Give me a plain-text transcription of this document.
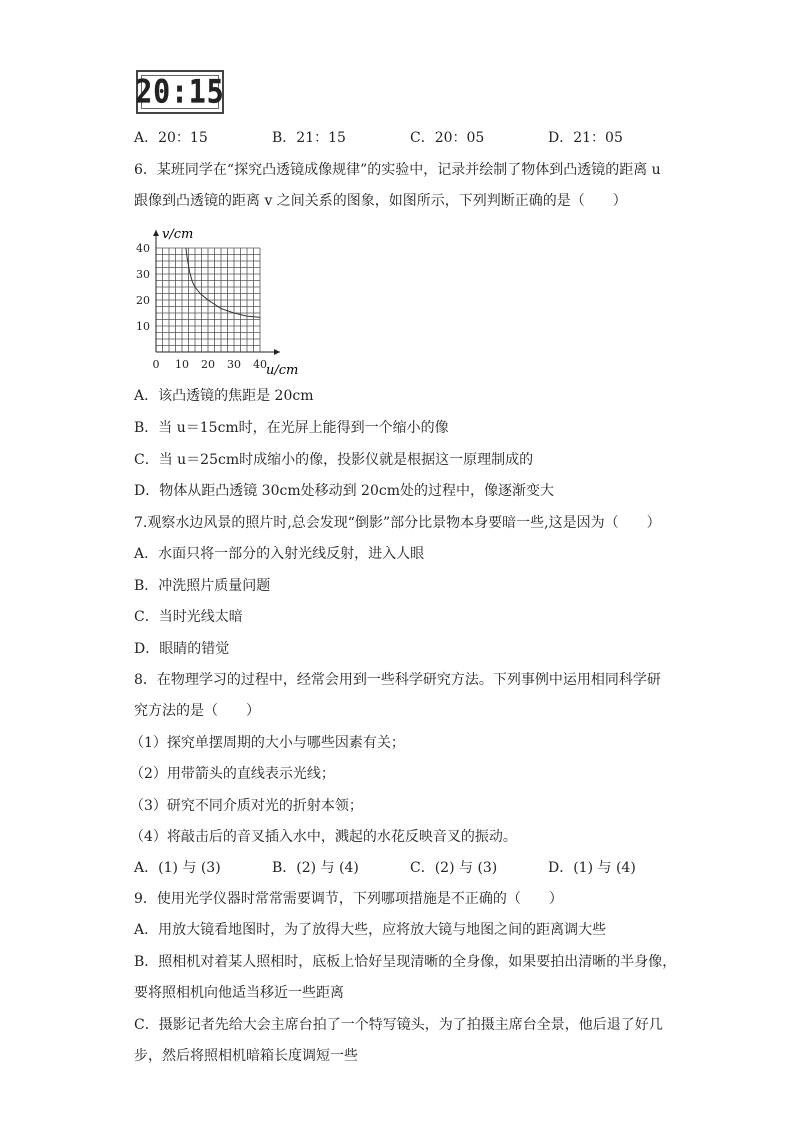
20:15
A．20：15	B．21：15	C．20：05	D．21：05
6．某班同学在“探究凸透镜成像规律”的实验中，记录并绘制了物体到凸透镜的距离 u
跟像到凸透镜的距离 v 之间关系的图象，如图所示，下列判断正确的是（　　）
0 10 20 30 40
10
20
30
40
v/cm
u/cm
A．该凸透镜的焦距是 20cm
B．当 u＝15cm时，在光屏上能得到一个缩小的像
C．当 u＝25cm时成缩小的像，投影仪就是根据这一原理制成的
D．物体从距凸透镜 30cm处移动到 20cm处的过程中，像逐渐变大
7.观察水边风景的照片时,总会发现“倒影”部分比景物本身要暗一些,这是因为（　　）
A．水面只将一部分的入射光线反射，进入人眼
B．冲洗照片质量问题
C．当时光线太暗
D．眼睛的错觉
8．在物理学习的过程中，经常会用到一些科学研究方法。下列事例中运用相同科学研
究方法的是（　　）
（1）探究单摆周期的大小与哪些因素有关；
（2）用带箭头的直线表示光线；
（3）研究不同介质对光的折射本领；
（4）将敲击后的音叉插入水中，溅起的水花反映音叉的振动。
A．(1) 与 (3)	B．(2) 与 (4)	C．(2) 与 (3)	D．(1) 与 (4)
9．使用光学仪器时常常需要调节，下列哪项措施是不正确的（　　）
A．用放大镜看地图时，为了放得大些，应将放大镜与地图之间的距离调大些
B．照相机对着某人照相时，底板上恰好呈现清晰的全身像，如果要拍出清晰的半身像，
要将照相机向他适当移近一些距离
C．摄影记者先给大会主席台拍了一个特写镜头，为了拍摄主席台全景，他后退了好几
步，然后将照相机暗箱长度调短一些
